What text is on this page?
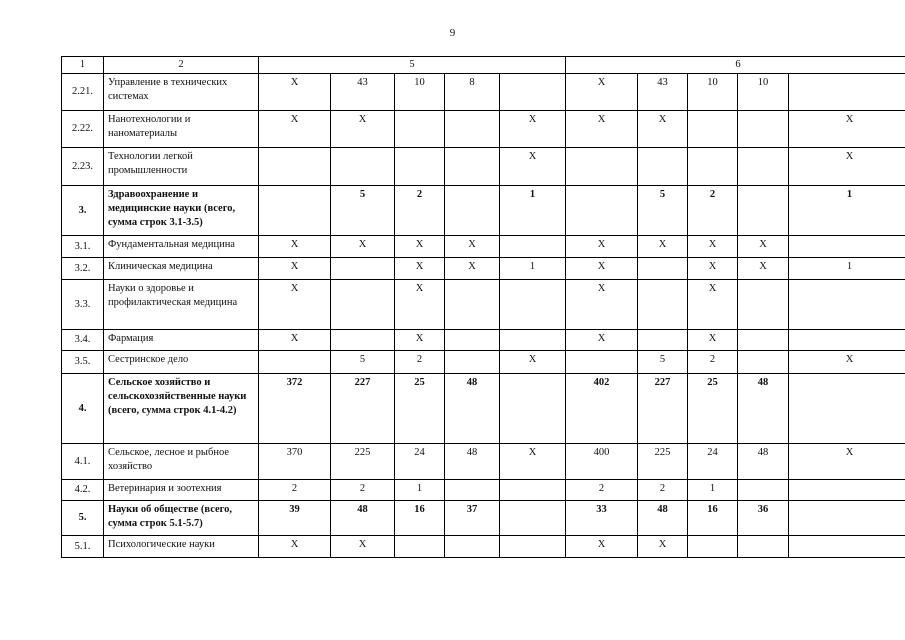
9
1	2	5					6				
2.21.	Управление в технических системах	X	43	10	8		X	43	10	10	
2.22.	Нанотехнологии и наноматериалы	X	X			X	X	X			X
2.23.	Технологии легкой промышленности					X					X
3.	Здравоохранение и медицинские науки (всего, сумма строк 3.1-3.5)		5	2		1		5	2		1
3.1.	Фундаментальная медицина	X	X	X	X		X	X	X	X	
3.2.	Клиническая медицина	X		X	X	1	X		X	X	1
3.3.	Науки о здоровье и профилактическая медицина	X		X			X		X		
3.4.	Фармация	X		X			X		X		
3.5.	Сестринское дело		5	2		X		5	2		X
4.	Сельское хозяйство и сельскохозяйственные науки (всего, сумма строк 4.1-4.2)	372	227	25	48		402	227	25	48	
4.1.	Сельское, лесное и рыбное хозяйство	370	225	24	48	X	400	225	24	48	X
4.2.	Ветеринария и зоотехния	2	2	1			2	2	1		
5.	Науки об обществе (всего, сумма строк 5.1-5.7)	39	48	16	37		33	48	16	36	
5.1.	Психологические науки	X	X				X	X			
